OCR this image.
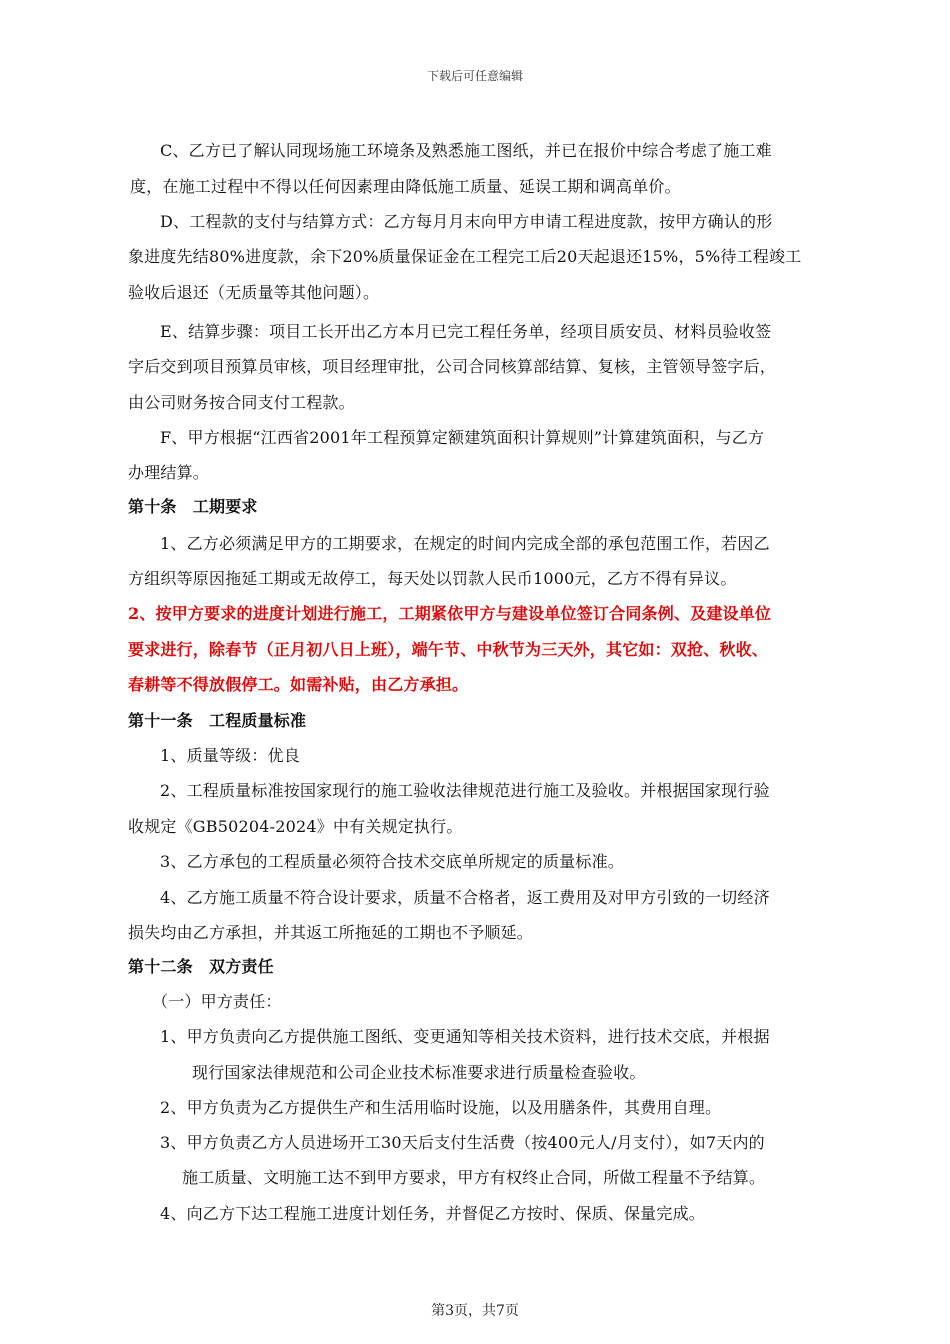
下载后可任意编辑
C、乙方已了解认同现场施工环境条及熟悉施工图纸，并已在报价中综合考虑了施工难
度，在施工过程中不得以任何因素理由降低施工质量、延误工期和调高单价。
D、工程款的支付与结算方式：乙方每月月末向甲方申请工程进度款，按甲方确认的形
象进度先结80%进度款，余下20%质量保证金在工程完工后20天起退还15%，5%待工程竣工
验收后退还（无质量等其他问题）。
E、结算步骤：项目工长开出乙方本月已完工程任务单，经项目质安员、材料员验收签
字后交到项目预算员审核，项目经理审批，公司合同核算部结算、复核，主管领导签字后，
由公司财务按合同支付工程款。
F、甲方根据“江西省2001年工程预算定额建筑面积计算规则”计算建筑面积，与乙方
办理结算。
第十条　工期要求
1、乙方必须满足甲方的工期要求，在规定的时间内完成全部的承包范围工作，若因乙
方组织等原因拖延工期或无故停工，每天处以罚款人民币1000元，乙方不得有异议。
2、按甲方要求的进度计划进行施工，工期紧依甲方与建设单位签订合同条例、及建设单位
要求进行，除春节（正月初八日上班），端午节、中秋节为三天外，其它如：双抢、秋收、
春耕等不得放假停工。如需补贴，由乙方承担。
第十一条　工程质量标准
1、质量等级：优良
2、工程质量标准按国家现行的施工验收法律规范进行施工及验收。并根据国家现行验
收规定《GB50204-2024》中有关规定执行。
3、乙方承包的工程质量必须符合技术交底单所规定的质量标准。
4、乙方施工质量不符合设计要求，质量不合格者，返工费用及对甲方引致的一切经济
损失均由乙方承担，并其返工所拖延的工期也不予顺延。
第十二条　双方责任
（一）甲方责任：
1、甲方负责向乙方提供施工图纸、变更通知等相关技术资料，进行技术交底，并根据
现行国家法律规范和公司企业技术标准要求进行质量检查验收。
2、甲方负责为乙方提供生产和生活用临时设施，以及用膳条件，其费用自理。
3、甲方负责乙方人员进场开工30天后支付生活费（按400元人/月支付），如7天内的
施工质量、文明施工达不到甲方要求，甲方有权终止合同，所做工程量不予结算。
4、向乙方下达工程施工进度计划任务，并督促乙方按时、保质、保量完成。
第3页，共7页
